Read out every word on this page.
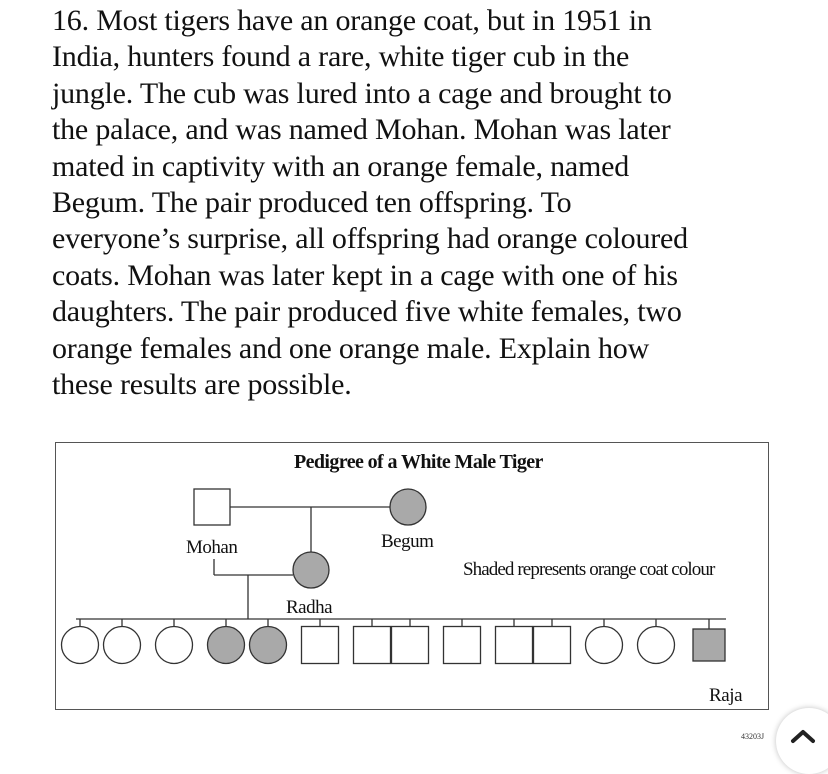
16. Most tigers have an orange coat, but in 1951 in

India, hunters found a rare, white tiger cub in the

jungle. The cub was lured into a cage and brought to

the palace, and was named Mohan. Mohan was later

mated in captivity with an orange female, named

Begum. The pair produced ten offspring. To

everyone’s surprise, all offspring had orange coloured

coats. Mohan was later kept in a cage with one of his

daughters. The pair produced five white females, two

orange females and one orange male. Explain how

these results are possible.

Pedigree of a White Male Tiger
Mohan	Begum
Radha
Shaded represents orange coat colour
Raja
43203J
